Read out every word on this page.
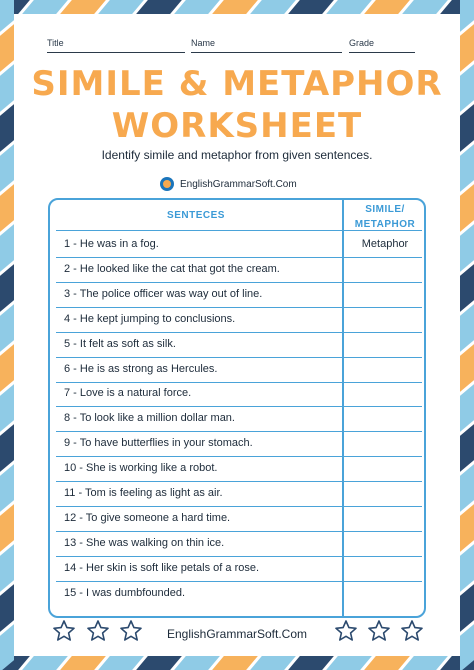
Title	Name	Grade
SIMILE & METAPHOR
WORKSHEET
Identify simile and metaphor from given sentences.
EnglishGrammarSoft.Com
SENTECES
SIMILE/
METAPHOR
1 - He was in a fog.	Metaphor
2 - He looked like the cat that got the cream.
3 - The police officer was way out of line.
4 - He kept jumping to conclusions.
5 - It felt as soft as silk.
6 - He is as strong as Hercules.
7 - Love is a natural force.
8 - To look like a million dollar man.
9 - To have butterflies in your stomach.
10 - She is working like a robot.
11 - Tom is feeling as light as air.
12 - To give someone a hard time.
13 - She was walking on thin ice.
14 - Her skin is soft like petals of a rose.
15 - I was dumbfounded.
EnglishGrammarSoft.Com
